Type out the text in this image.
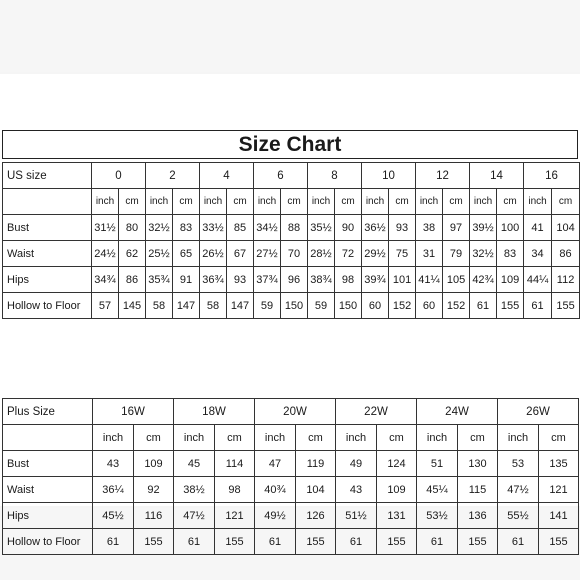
Size Chart
US size	0		2		4		6		8		10		12		14		16	
	inch	cm	inch	cm	inch	cm	inch	cm	inch	cm	inch	cm	inch	cm	inch	cm	inch	cm
Bust	31½	80	32½	83	33½	85	34½	88	35½	90	36½	93	38	97	39½	100	41	104
Waist	24½	62	25½	65	26½	67	27½	70	28½	72	29½	75	31	79	32½	83	34	86
Hips	34¾	86	35¾	91	36¾	93	37¾	96	38¾	98	39¾	101	41¼	105	42¾	109	44¼	112
Hollow to Floor	57	145	58	147	58	147	59	150	59	150	60	152	60	152	61	155	61	155
Plus Size	16W		18W		20W		22W		24W		26W	
	inch	cm	inch	cm	inch	cm	inch	cm	inch	cm	inch	cm
Bust	43	109	45	114	47	119	49	124	51	130	53	135
Waist	36¼	92	38½	98	40¾	104	43	109	45¼	115	47½	121
Hips	45½	116	47½	121	49½	126	51½	131	53½	136	55½	141
Hollow to Floor	61	155	61	155	61	155	61	155	61	155	61	155
